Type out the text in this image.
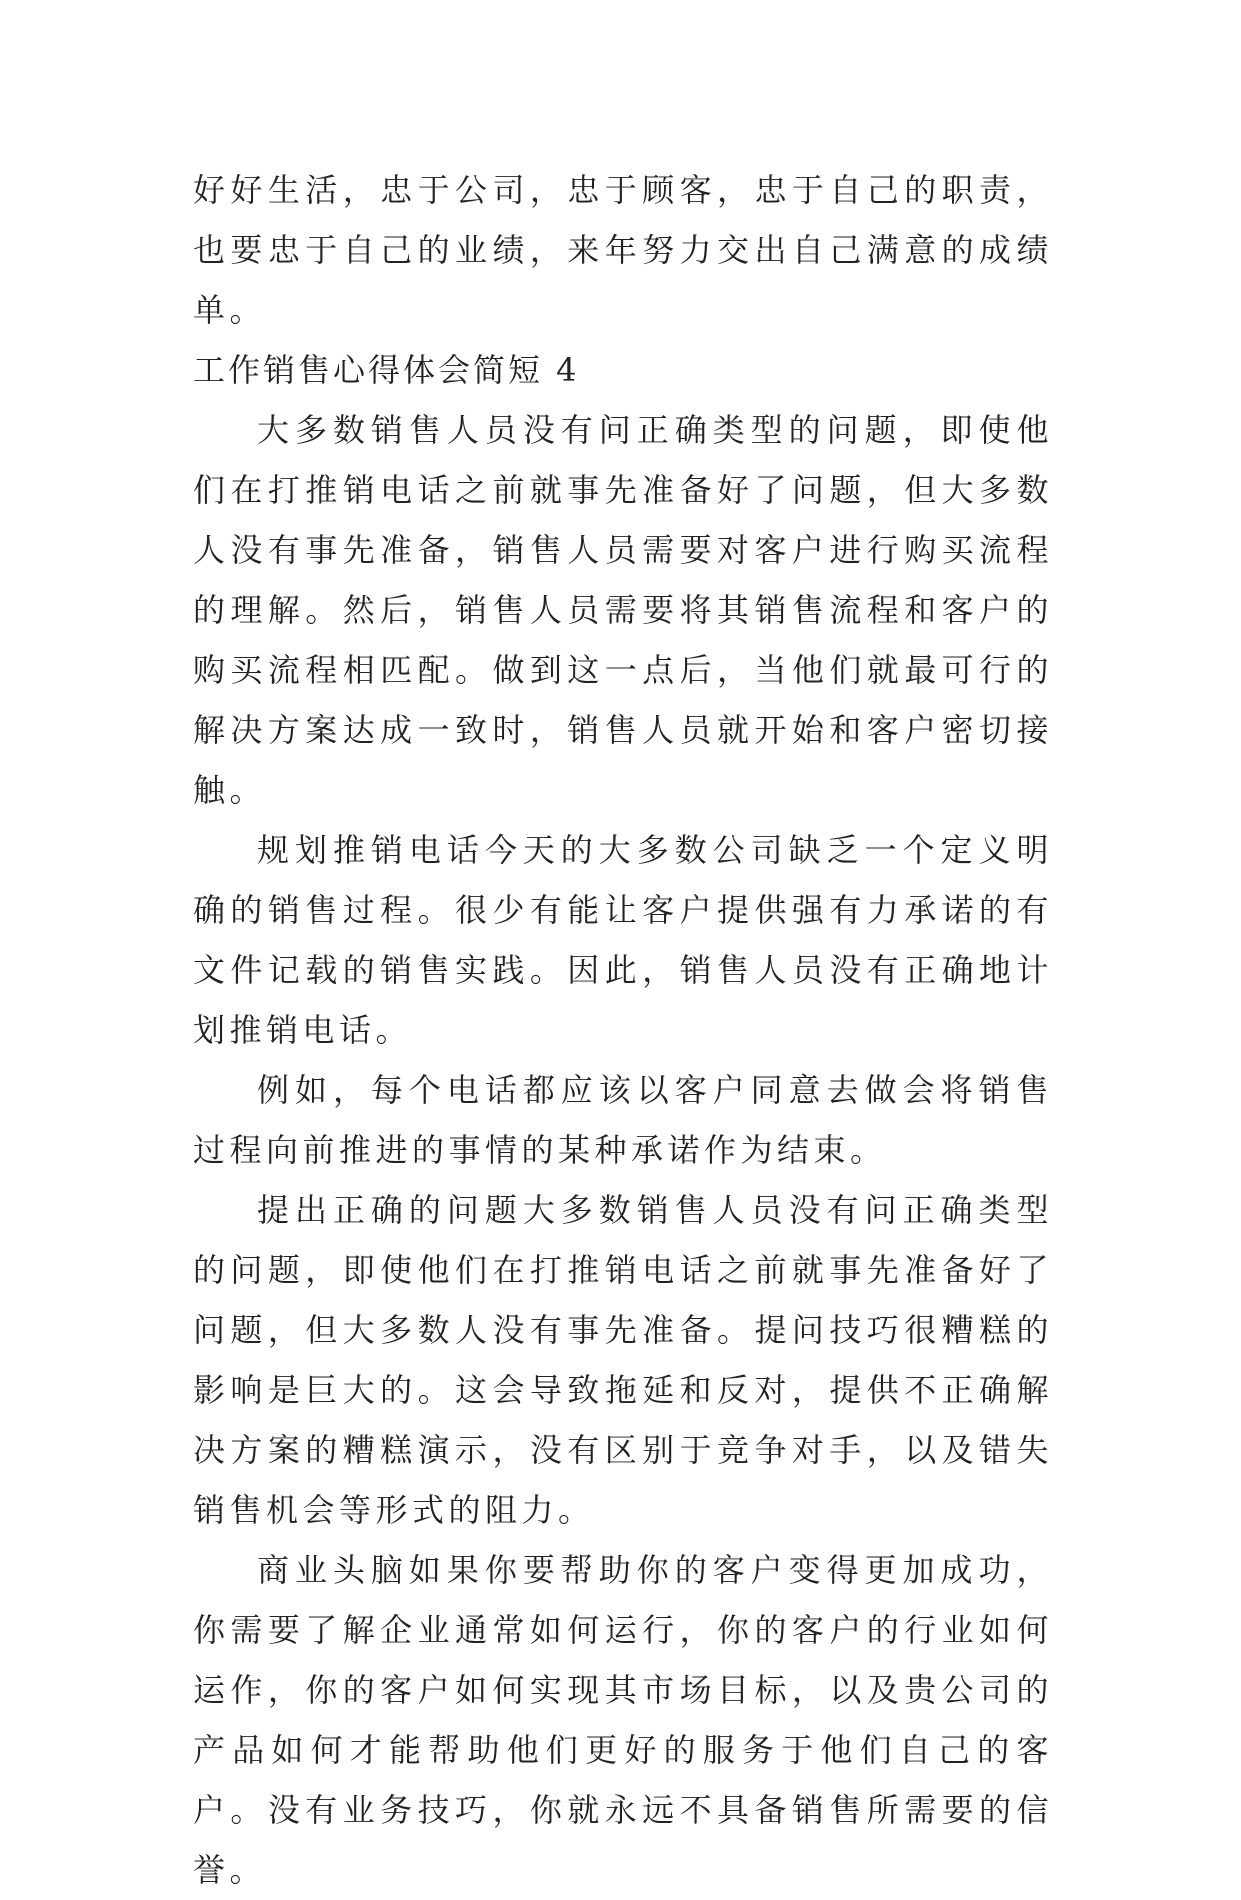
好好生活，忠于公司，忠于顾客，忠于自己的职责，也要忠于自己的业绩，来年努力交出自己满意的成绩单。

工作销售心得体会简短 4

大多数销售人员没有问正确类型的问题，即使他们在打推销电话之前就事先准备好了问题，但大多数人没有事先准备，销售人员需要对客户进行购买流程的理解。然后，销售人员需要将其销售流程和客户的购买流程相匹配。做到这一点后，当他们就最可行的解决方案达成一致时，销售人员就开始和客户密切接触。

规划推销电话今天的大多数公司缺乏一个定义明确的销售过程。很少有能让客户提供强有力承诺的有文件记载的销售实践。因此，销售人员没有正确地计划推销电话。

例如，每个电话都应该以客户同意去做会将销售过程向前推进的事情的某种承诺作为结束。

提出正确的问题大多数销售人员没有问正确类型的问题，即使他们在打推销电话之前就事先准备好了问题，但大多数人没有事先准备。提问技巧很糟糕的影响是巨大的。这会导致拖延和反对，提供不正确解决方案的糟糕演示，没有区别于竞争对手，以及错失销售机会等形式的阻力。

商业头脑如果你要帮助你的客户变得更加成功，你需要了解企业通常如何运行，你的客户的行业如何运作，你的客户如何实现其市场目标，以及贵公司的产品如何才能帮助他们更好的服务于他们自己的客户。没有业务技巧，你就永远不具备销售所需要的信誉。
